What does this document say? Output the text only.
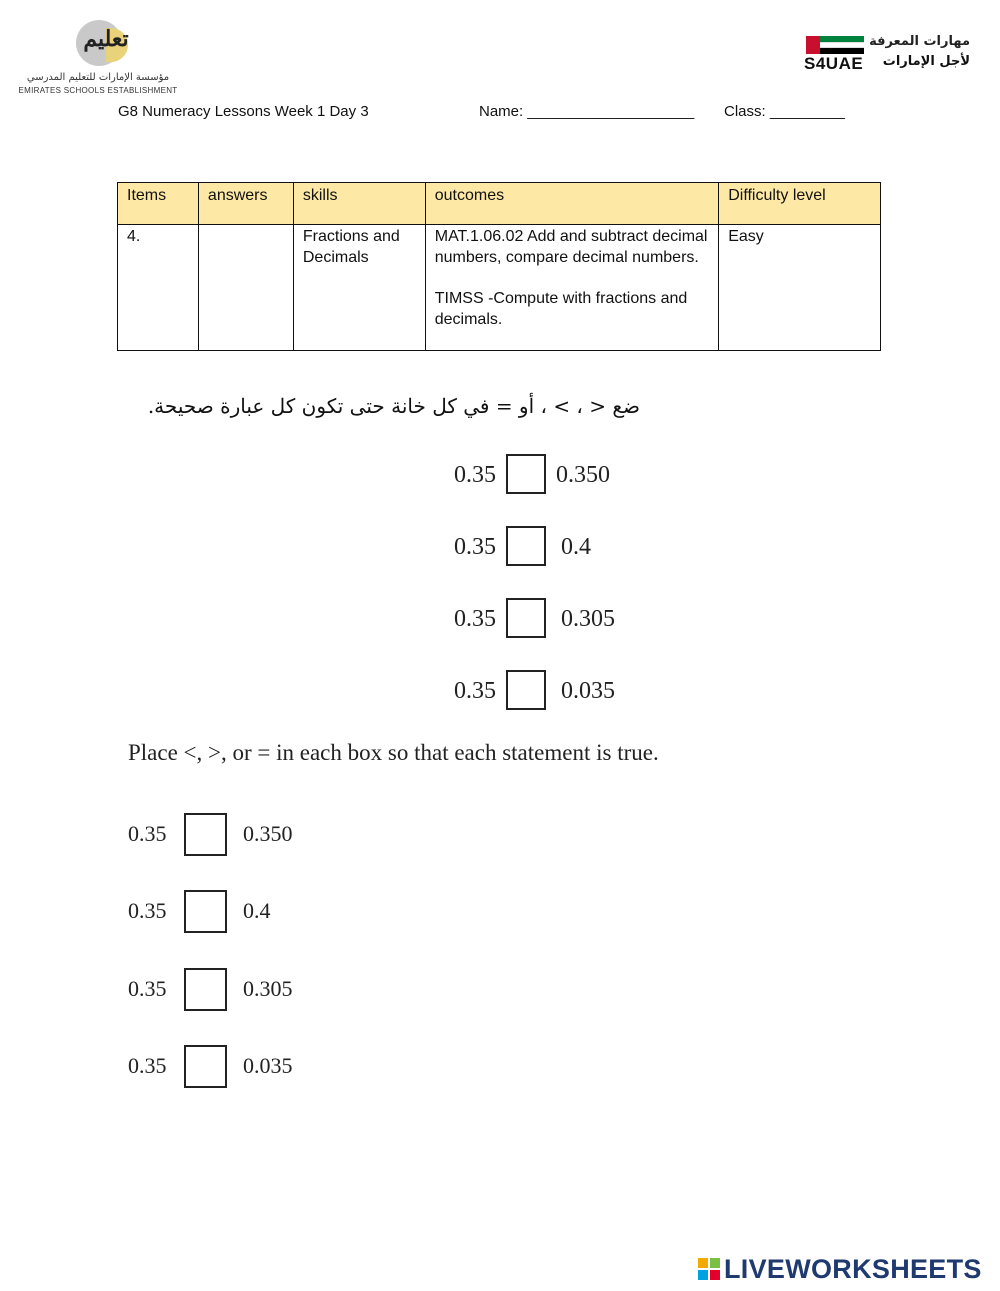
تعليم
مؤسسة الإمارات للتعليم المدرسي
EMIRATES SCHOOLS ESTABLISHMENT
مهارات المعرفة
S4UAE	لأجل الإمارات
G8 Numeracy Lessons Week 1 Day 3	Name: ____________________ Class: _________
Items	answers	skills	outcomes	Difficulty level
4.		Fractions and Decimals	MAT.1.06.02 Add and subtract decimal numbers, compare decimal numbers.
TIMSS -Compute with fractions and decimals.	Easy
ضع < ، > ، أو = في كل خانة حتى تكون كل عبارة صحيحة.
0.35	0.350
0.35	0.4
0.35	0.305
0.35	0.035
Place <, >, or = in each box so that each statement is true.
0.35	0.350
0.35	0.4
0.35	0.305
0.35	0.035
LIVEWORKSHEETS
